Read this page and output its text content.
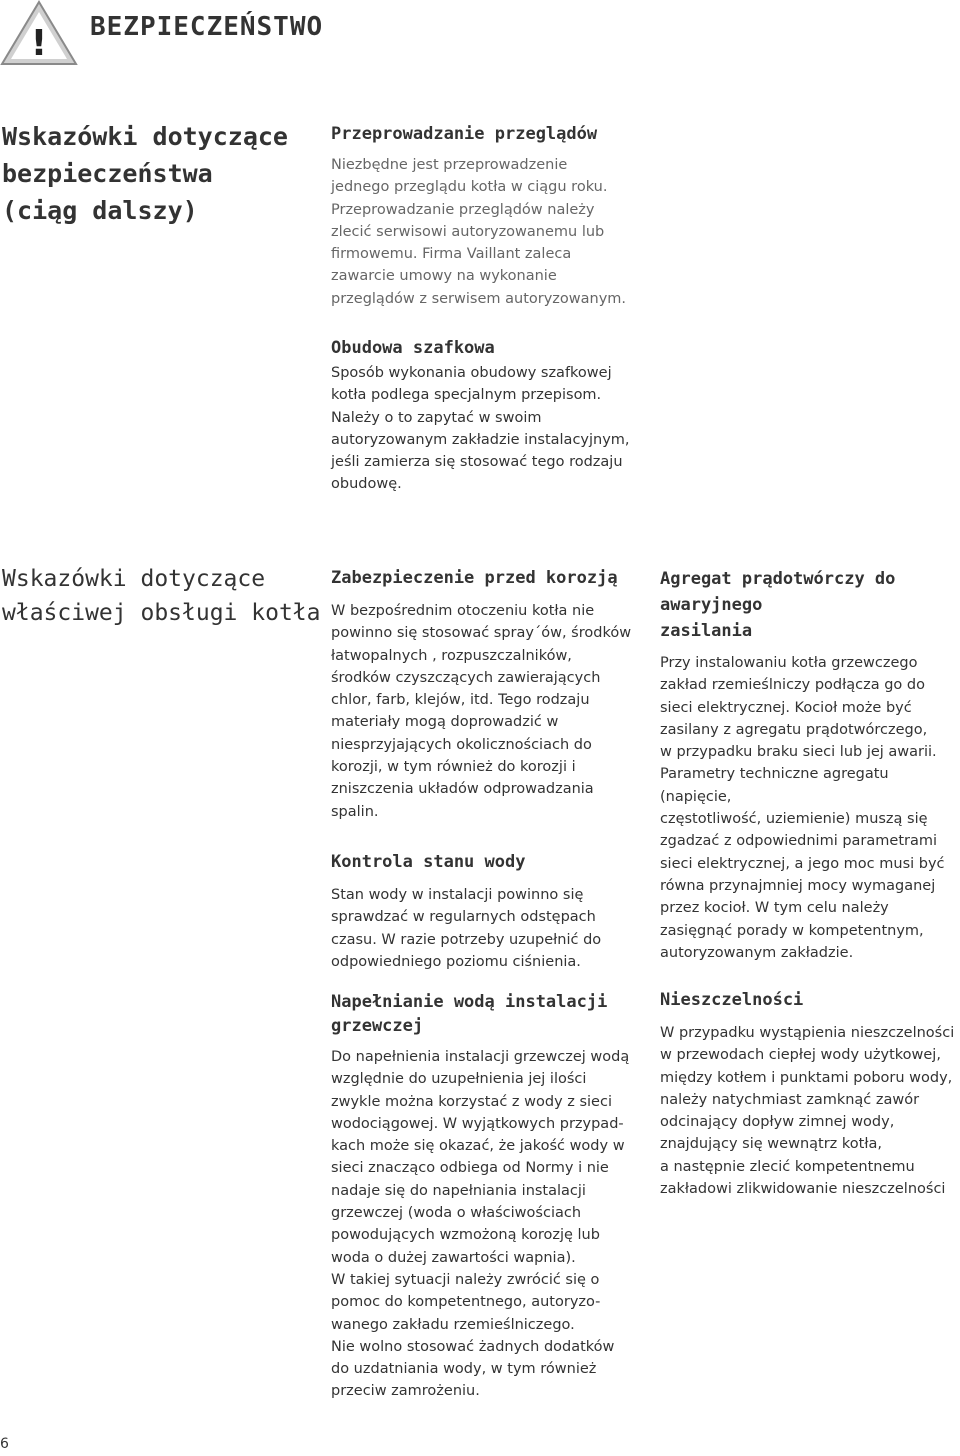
! BEZPIECZEŃSTWO
Wskazówki dotyczące
bezpieczeństwa
(ciąg dalszy)
Przeprowadzanie przeglądów

Niezbędne jest przeprowadzenie
jednego przeglądu kotła w ciągu roku.
Przeprowadzanie przeglądów należy
zlecić serwisowi autoryzowanemu lub
firmowemu. Firma Vaillant zaleca
zawarcie umowy na wykonanie
przeglądów z serwisem autoryzowanym.

Obudowa szafkowa

Sposób wykonania obudowy szafkowej
kotła podlega specjalnym przepisom.
Należy o to zapytać w swoim
autoryzowanym zakładzie instalacyjnym,
jeśli zamierza się stosować tego rodzaju
obudowę.

Wskazówki dotyczące
właściwej obsługi kotła
Zabezpieczenie przed korozją

W bezpośrednim otoczeniu kotła nie
powinno się stosować spray´ów, środków
łatwopalnych , rozpuszczalników,
środków czyszczących zawierających
chlor, farb, klejów, itd. Tego rodzaju
materiały mogą doprowadzić w
niesprzyjających okolicznościach do
korozji, w tym również do korozji i
zniszczenia układów odprowadzania
spalin.

Kontrola stanu wody

Stan wody w instalacji powinno się
sprawdzać w regularnych odstępach
czasu. W razie potrzeby uzupełnić do
odpowiedniego poziomu ciśnienia.

Napełnianie wodą instalacji grzewczej

Do napełnienia instalacji grzewczej wodą
względnie do uzupełnienia jej ilości
zwykle można korzystać z wody z sieci
wodociągowej. W wyjątkowych przypad-
kach może się okazać, że jakość wody w
sieci znacząco odbiega od Normy i nie
nadaje się do napełniania instalacji
grzewczej (woda o właściwościach
powodujących wzmożoną korozję lub
woda o dużej zawartości wapnia).
W takiej sytuacji należy zwrócić się o
pomoc do kompetentnego, autoryzo-
wanego zakładu rzemieślniczego.
Nie wolno stosować żadnych dodatków
do uzdatniania wody, w tym również
przeciw zamrożeniu.

Agregat prądotwórczy do awaryjnego
zasilania

Przy instalowaniu kotła grzewczego
zakład rzemieślniczy podłącza go do
sieci elektrycznej. Kocioł może być
zasilany z agregatu prądotwórczego,
w przypadku braku sieci lub jej awarii.
Parametry techniczne agregatu (napięcie,
częstotliwość, uziemienie) muszą się
zgadzać z odpowiednimi parametrami
sieci elektrycznej, a jego moc musi być
równa przynajmniej mocy wymaganej
przez kocioł. W tym celu należy
zasięgnąć porady w kompetentnym,
autoryzowanym zakładzie.

Nieszczelności

W przypadku wystąpienia nieszczelności
w przewodach ciepłej wody użytkowej,
między kotłem i punktami poboru wody,
należy natychmiast zamknąć zawór
odcinający dopływ zimnej wody,
znajdujący się wewnątrz kotła,
a następnie zlecić kompetentnemu
zakładowi zlikwidowanie nieszczelności

6
